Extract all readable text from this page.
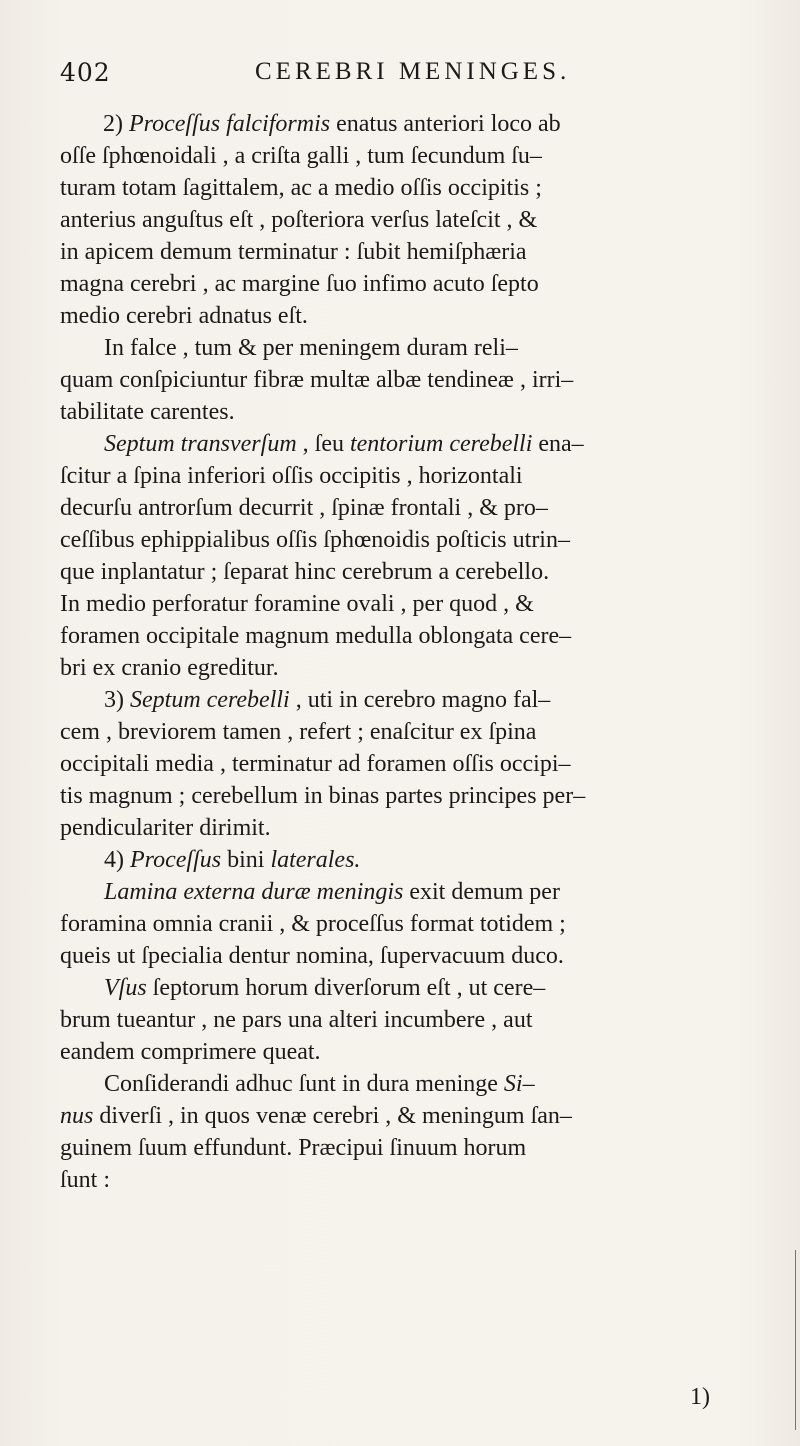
402	CEREBRI MENINGES.
2) Proceſſus falciformis enatus anteriori loco ab
oſſe ſphœnoidali , a criſta galli , tum ſecundum ſu–
turam totam ſagittalem, ac a medio oſſis occipitis ;
anterius anguſtus eſt , poſteriora verſus lateſcit , &
in apicem demum terminatur : ſubit hemiſphæria
magna cerebri , ac margine ſuo infimo acuto ſepto
medio cerebri adnatus eſt.
In falce , tum & per meningem duram reli–
quam conſpiciuntur fibræ multæ albæ tendineæ , irri–
tabilitate carentes.
Septum transverſum , ſeu tentorium cerebelli ena–
ſcitur a ſpina inferiori oſſis occipitis , horizontali
decurſu antrorſum decurrit , ſpinæ frontali , & pro–
ceſſibus ephippialibus oſſis ſphœnoidis poſticis utrin–
que inplantatur ; ſeparat hinc cerebrum a cerebello.
In medio perforatur foramine ovali , per quod , &
foramen occipitale magnum medulla oblongata cere–
bri ex cranio egreditur.
3) Septum cerebelli , uti in cerebro magno fal–
cem , breviorem tamen , refert ; enaſcitur ex ſpina
occipitali media , terminatur ad foramen oſſis occipi–
tis magnum ; cerebellum in binas partes principes per–
pendiculariter dirimit.
4) Proceſſus bini laterales.
Lamina externa duræ meningis exit demum per
foramina omnia cranii , & proceſſus format totidem ;
queis ut ſpecialia dentur nomina, ſupervacuum duco.
Vſus ſeptorum horum diverſorum eſt , ut cere–
brum tueantur , ne pars una alteri incumbere , aut
eandem comprimere queat.
Conſiderandi adhuc ſunt in dura meninge Si–
nus diverſi , in quos venæ cerebri , & meningum ſan–
guinem ſuum effundunt. Præcipui ſinuum horum
ſunt :
1)
